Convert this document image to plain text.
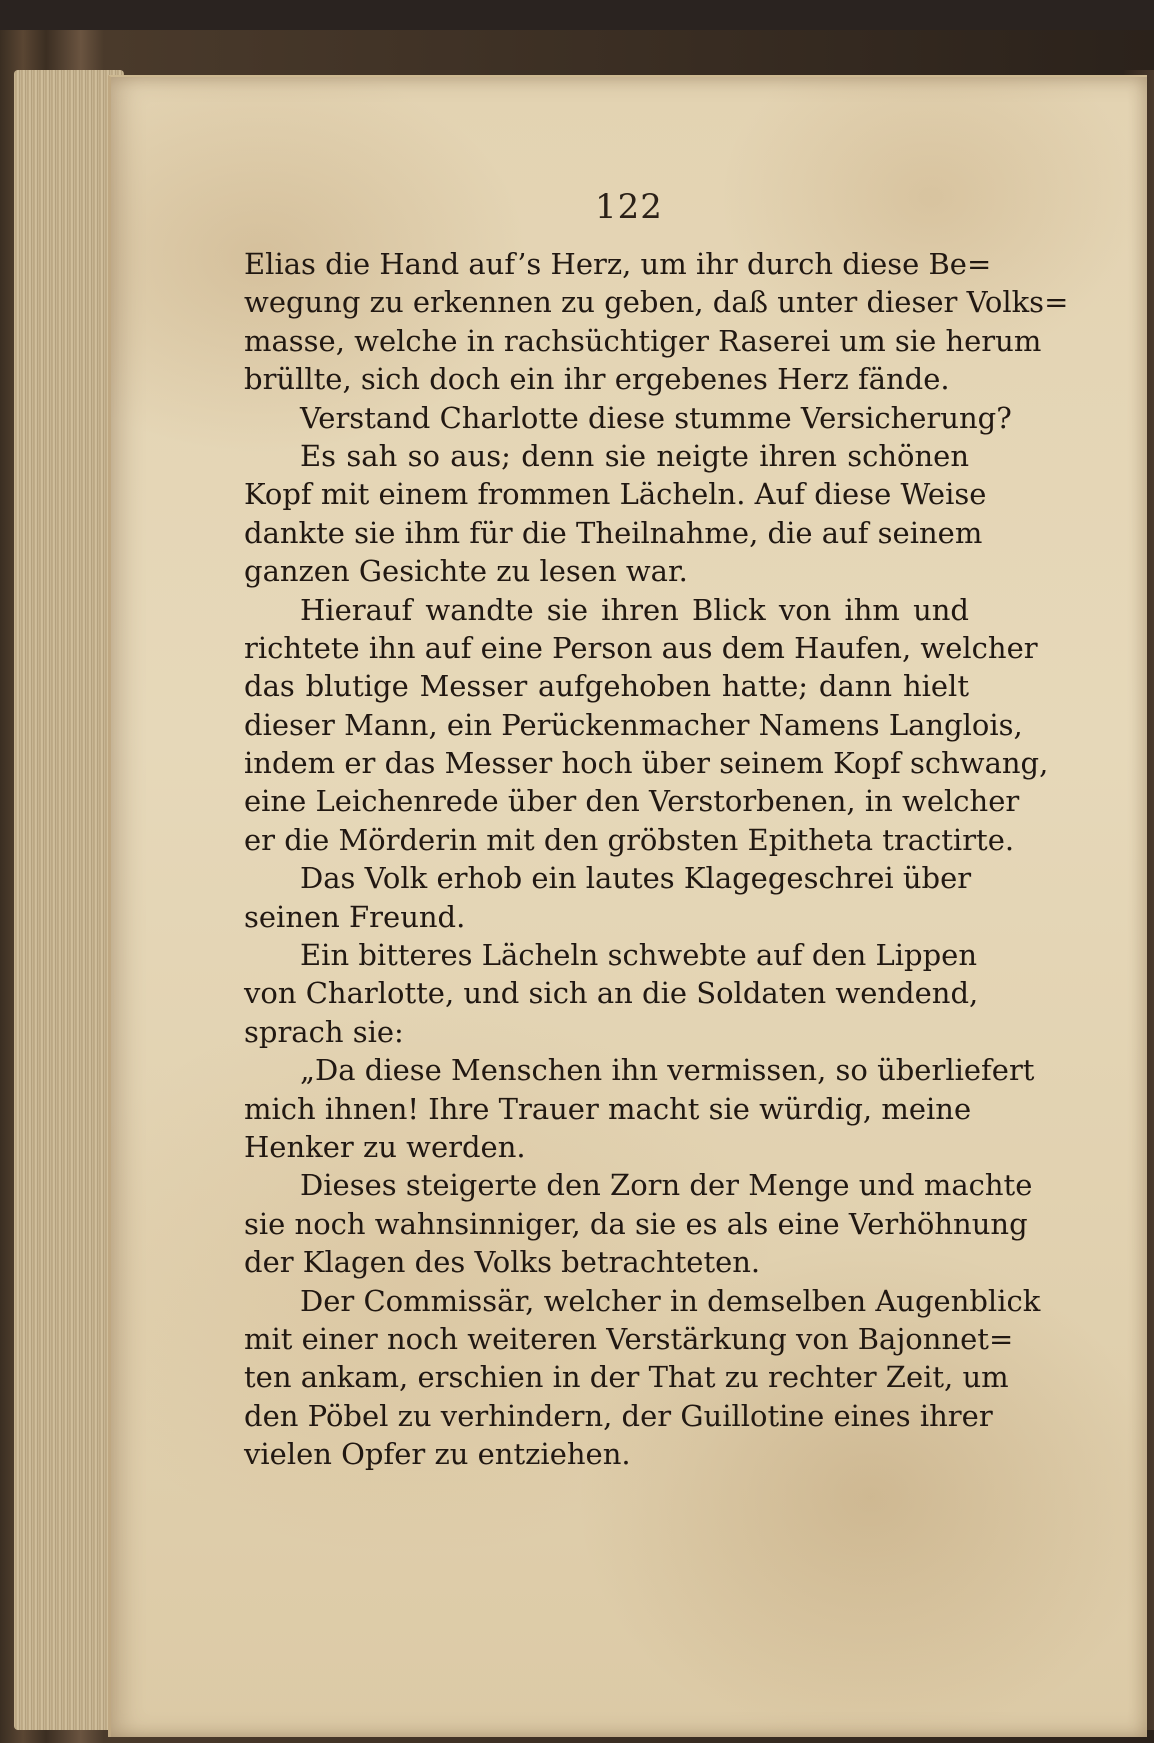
122
Elias die Hand auf’s Herz, um ihr durch diese Be=
wegung zu erkennen zu geben, daß unter dieser Volks=
masse, welche in rachsüchtiger Raserei um sie herum
brüllte, sich doch ein ihr ergebenes Herz fände.
Verstand Charlotte diese stumme Versicherung?
Es sah so aus; denn sie neigte ihren schönen
Kopf mit einem frommen Lächeln. Auf diese Weise
dankte sie ihm für die Theilnahme, die auf seinem
ganzen Gesichte zu lesen war.
Hierauf wandte sie ihren Blick von ihm und
richtete ihn auf eine Person aus dem Haufen, welcher
das blutige Messer aufgehoben hatte; dann hielt
dieser Mann, ein Perückenmacher Namens Langlois,
indem er das Messer hoch über seinem Kopf schwang,
eine Leichenrede über den Verstorbenen, in welcher
er die Mörderin mit den gröbsten Epitheta tractirte.
Das Volk erhob ein lautes Klagegeschrei über
seinen Freund.
Ein bitteres Lächeln schwebte auf den Lippen
von Charlotte, und sich an die Soldaten wendend,
sprach sie:
„Da diese Menschen ihn vermissen, so überliefert
mich ihnen! Ihre Trauer macht sie würdig, meine
Henker zu werden.
Dieses steigerte den Zorn der Menge und machte
sie noch wahnsinniger, da sie es als eine Verhöhnung
der Klagen des Volks betrachteten.
Der Commissär, welcher in demselben Augenblick
mit einer noch weiteren Verstärkung von Bajonnet=
ten ankam, erschien in der That zu rechter Zeit, um
den Pöbel zu verhindern, der Guillotine eines ihrer
vielen Opfer zu entziehen.
